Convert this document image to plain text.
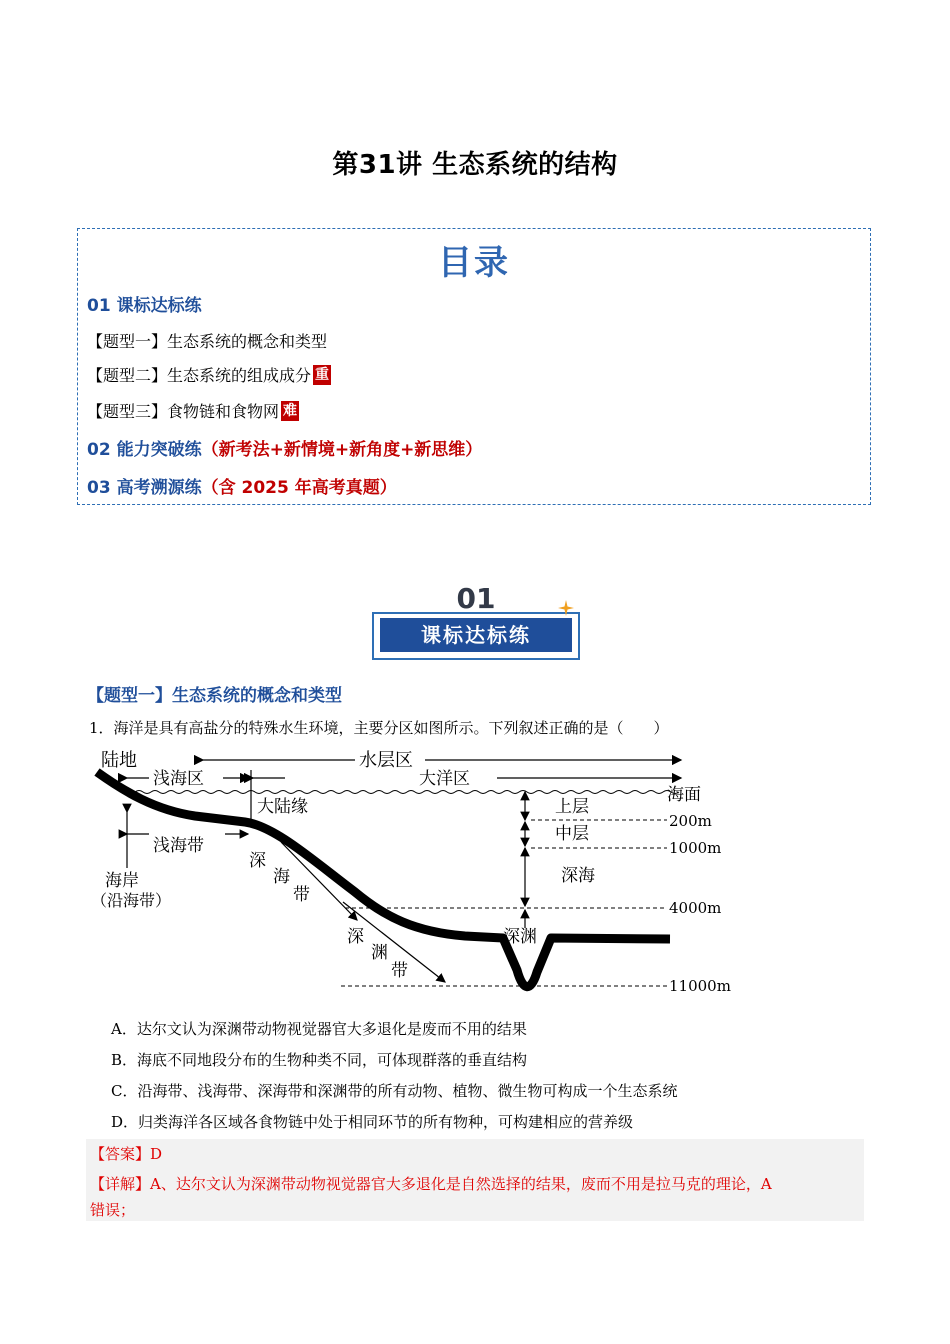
第31讲 生态系统的结构
目录
01 课标达标练
【题型一】生态系统的概念和类型
【题型二】生态系统的组成成分 重
【题型三】食物链和食物网 难
02 能力突破练（新考法+新情境+新角度+新思维）
03 高考溯源练（含 2025 年高考真题）
01
课标达标练
【题型一】生态系统的概念和类型
1．海洋是具有高盐分的特殊水生环境，主要分区如图所示。下列叙述正确的是（　　）
陆地	水层区
浅海区	大洋区
海面
浅海带
海岸
（沿海带）
大陆缘
深
海
带
深
渊
带
上层
中层
深海
深渊
200m
1000m
4000m
11000m
A．达尔文认为深渊带动物视觉器官大多退化是废而不用的结果
B．海底不同地段分布的生物种类不同，可体现群落的垂直结构
C．沿海带、浅海带、深海带和深渊带的所有动物、植物、微生物可构成一个生态系统
D．归类海洋各区域各食物链中处于相同环节的所有物种，可构建相应的营养级
【答案】D
【详解】A、达尔文认为深渊带动物视觉器官大多退化是自然选择的结果，废而不用是拉马克的理论，A
错误；
